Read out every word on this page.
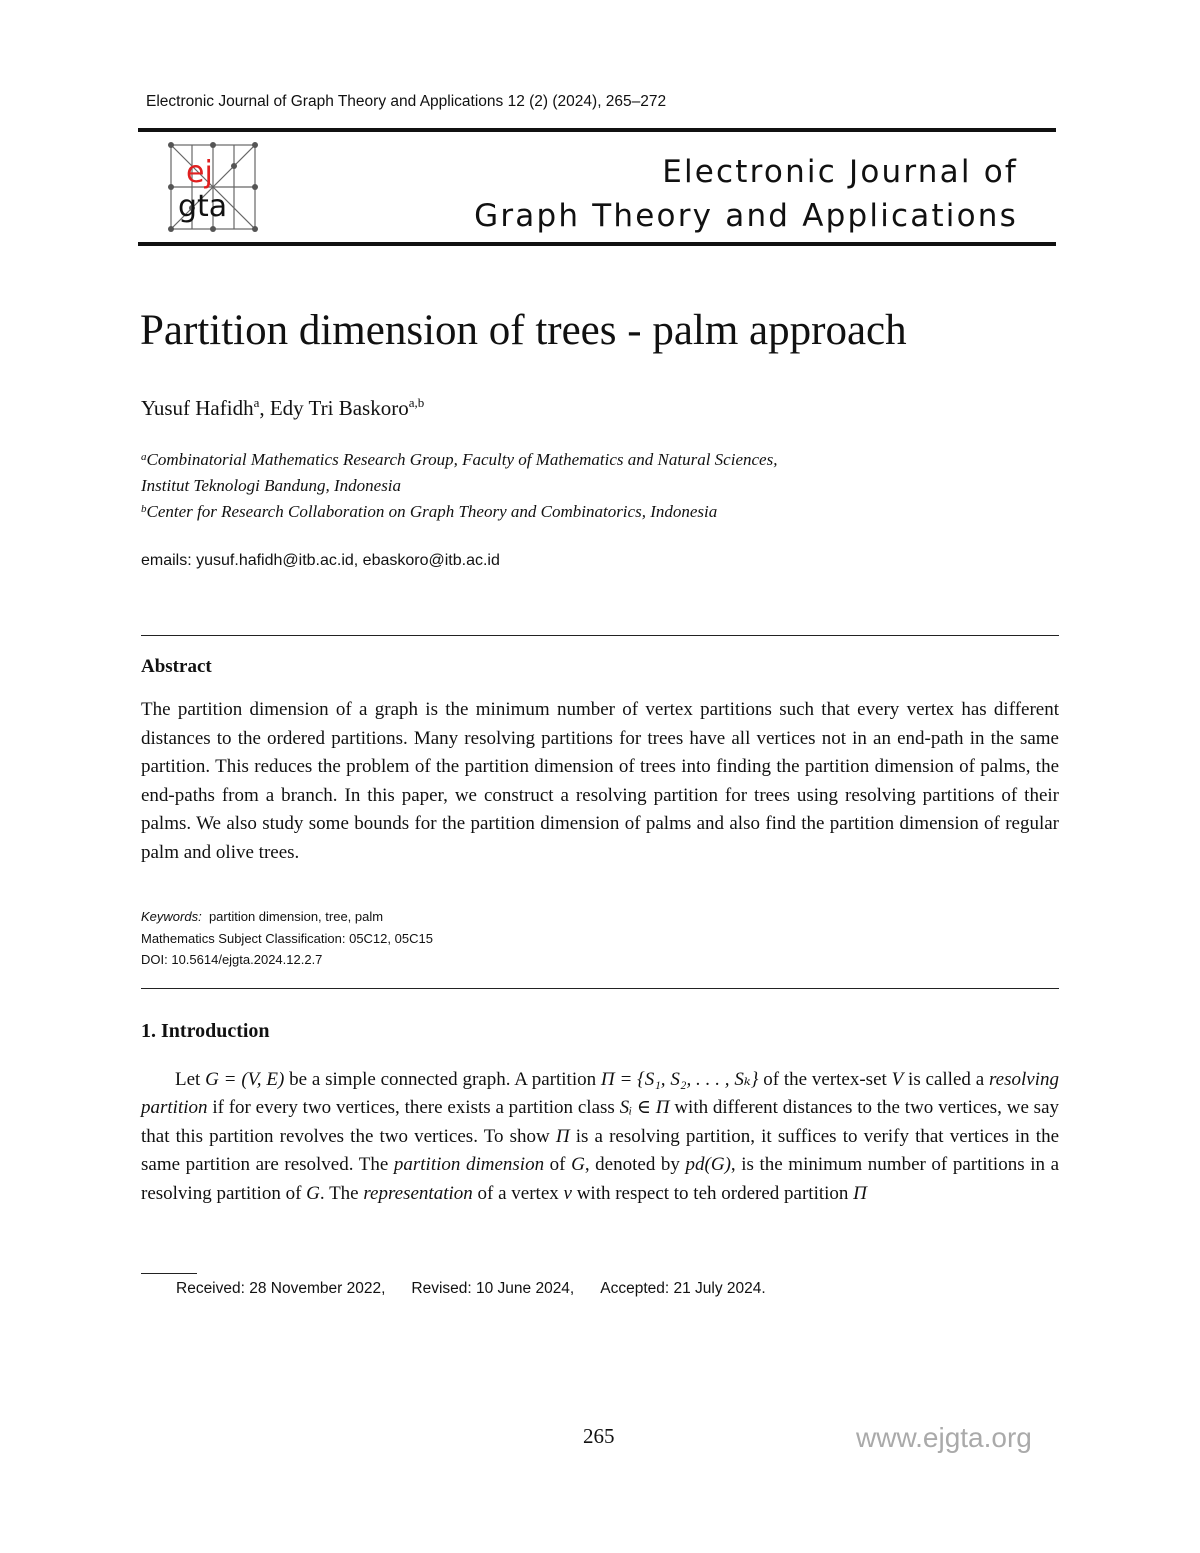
Electronic Journal of Graph Theory and Applications 12 (2) (2024), 265–272
ej
gta
Electronic Journal of
Graph Theory and Applications
Partition dimension of trees - palm approach
Yusuf Hafidh$^a$, Edy Tri Baskoro$^{a,b}$
$^a$Combinatorial Mathematics Research Group, Faculty of Mathematics and Natural Sciences,
Institut Teknologi Bandung, Indonesia
$^b$Center for Research Collaboration on Graph Theory and Combinatorics, Indonesia
emails: yusuf.hafidh@itb.ac.id, ebaskoro@itb.ac.id
Abstract
The partition dimension of a graph is the minimum number of vertex partitions such that every vertex has different distances to the ordered partitions. Many resolving partitions for trees have all vertices not in an end-path in the same partition. This reduces the problem of the partition dimension of trees into finding the partition dimension of palms, the end-paths from a branch. In this paper, we construct a resolving partition for trees using resolving partitions of their palms. We also study some bounds for the partition dimension of palms and also find the partition dimension of regular palm and olive trees.
Keywords: partition dimension, tree, palm
Mathematics Subject Classification: 05C12, 05C15
DOI: 10.5614/ejgta.2024.12.2.7
1. Introduction
Let G = (V, E) be a simple connected graph. A partition Π = {S₁, S₂, . . . , Sₖ} of the vertex-set V is called a resolving partition if for every two vertices, there exists a partition class Sᵢ ∈ Π with different distances to the two vertices, we say that this partition revolves the two vertices. To show Π is a resolving partition, it suffices to verify that vertices in the same partition are resolved. The partition dimension of G, denoted by pd(G), is the minimum number of partitions in a resolving partition of G. The representation of a vertex v with respect to teh ordered partition Π
Received: 28 November 2022, Revised: 10 June 2024, Accepted: 21 July 2024.
265	www.ejgta.org
